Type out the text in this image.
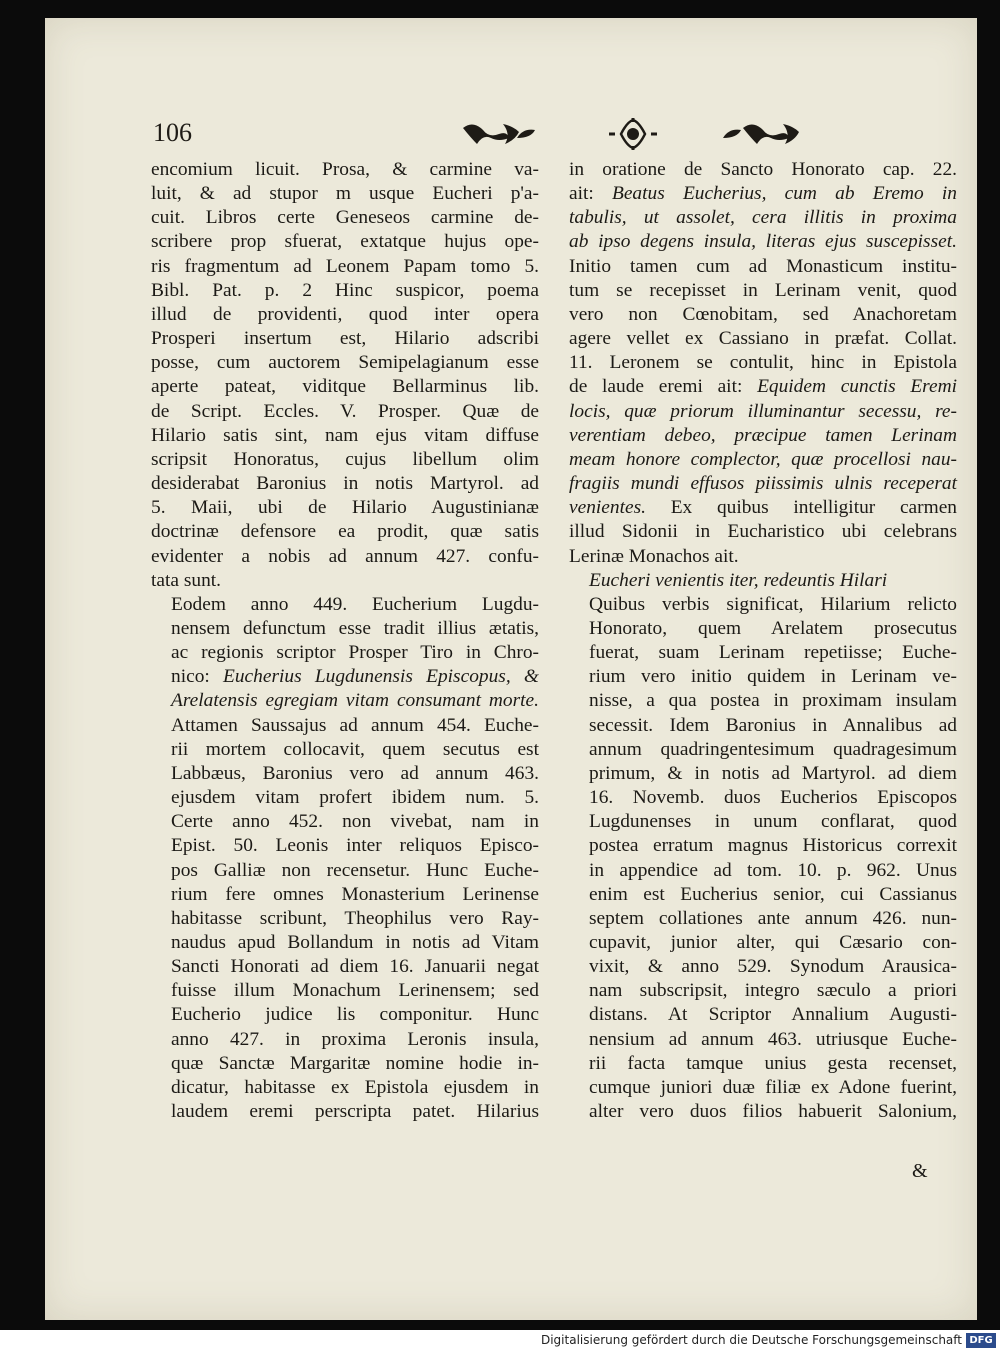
106

encomium licuit. Prosa, & carmine va-
luit, & ad stupor m usque Eucheri p'a-
cuit. Libros certe Geneseos carmine de-
scribere prop sfuerat, extatque hujus ope-
ris fragmentum ad Leonem Papam tomo 5.
Bibl. Pat. p. 2 Hinc suspicor, poema
illud de providenti, quod inter opera
Prosperi insertum est, Hilario adscribi
posse, cum auctorem Semipelagianum esse
aperte pateat, viditque Bellarminus lib.
de Script. Eccles. V. Prosper. Quæ de
Hilario satis sint, nam ejus vitam diffuse
scripsit Honoratus, cujus libellum olim
desiderabat Baronius in notis Martyrol. ad
5. Maii, ubi de Hilario Augustinianæ
doctrinæ defensore ea prodit, quæ satis
evidenter a nobis ad annum 427. confu-
tata sunt.

Eodem anno 449. Eucherium Lugdu-
nensem defunctum esse tradit illius ætatis,
ac regionis scriptor Prosper Tiro in Chro-
nico: Eucherius Lugdunensis Episcopus, &
Arelatensis egregiam vitam consumant morte.
Attamen Saussajus ad annum 454. Euche-
rii mortem collocavit, quem secutus est
Labbæus, Baronius vero ad annum 463.
ejusdem vitam profert ibidem num. 5.
Certe anno 452. non vivebat, nam in
Epist. 50. Leonis inter reliquos Episco-
pos Galliæ non recensetur. Hunc Euche-
rium fere omnes Monasterium Lerinense
habitasse scribunt, Theophilus vero Ray-
naudus apud Bollandum in notis ad Vitam
Sancti Honorati ad diem 16. Januarii negat
fuisse illum Monachum Lerinensem; sed
Eucherio judice lis componitur. Hunc
anno 427. in proxima Leronis insula,
quæ Sanctæ Margaritæ nomine hodie in-
dicatur, habitasse ex Epistola ejusdem in
laudem eremi perscripta patet. Hilarius

in oratione de Sancto Honorato cap. 22.
ait: Beatus Eucherius, cum ab Eremo in
tabulis, ut assolet, cera illitis in proxima
ab ipso degens insula, literas ejus suscepisset.
Initio tamen cum ad Monasticum institu-
tum se recepisset in Lerinam venit, quod
vero non Cœnobitam, sed Anachoretam
agere vellet ex Cassiano in præfat. Collat.
11. Leronem se contulit, hinc in Epistola
de laude eremi ait: Equidem cunctis Eremi
locis, quæ priorum illuminantur secessu, re-
verentiam debeo, præcipue tamen Lerinam
meam honore complector, quæ procellosi nau-
fragiis mundi effusos piissimis ulnis receperat
venientes. Ex quibus intelligitur carmen
illud Sidonii in Eucharistico ubi celebrans
Lerinæ Monachos ait.

Eucheri venientis iter, redeuntis Hilari
Quibus verbis significat, Hilarium relicto
Honorato, quem Arelatem prosecutus
fuerat, suam Lerinam repetiisse; Euche-
rium vero initio quidem in Lerinam ve-
nisse, a qua postea in proximam insulam
secessit. Idem Baronius in Annalibus ad
annum quadringentesimum quadragesimum
primum, & in notis ad Martyrol. ad diem
16. Novemb. duos Eucherios Episcopos
Lugdunenses in unum conflarat, quod
postea erratum magnus Historicus correxit
in appendice ad tom. 10. p. 962. Unus
enim est Eucherius senior, cui Cassianus
septem collationes ante annum 426. nun-
cupavit, junior alter, qui Cæsario con-
vixit, & anno 529. Synodum Arausica-
nam subscripsit, integro sæculo a priori
distans. At Scriptor Annalium Augusti-
nensium ad annum 463. utriusque Euche-
rii facta tamque unius gesta recenset,
cumque juniori duæ filiæ ex Adone fuerint,
alter vero duos filios habuerit Salonium,

&
Digitalisierung gefördert durch die Deutsche Forschungsgemeinschaft DFG
